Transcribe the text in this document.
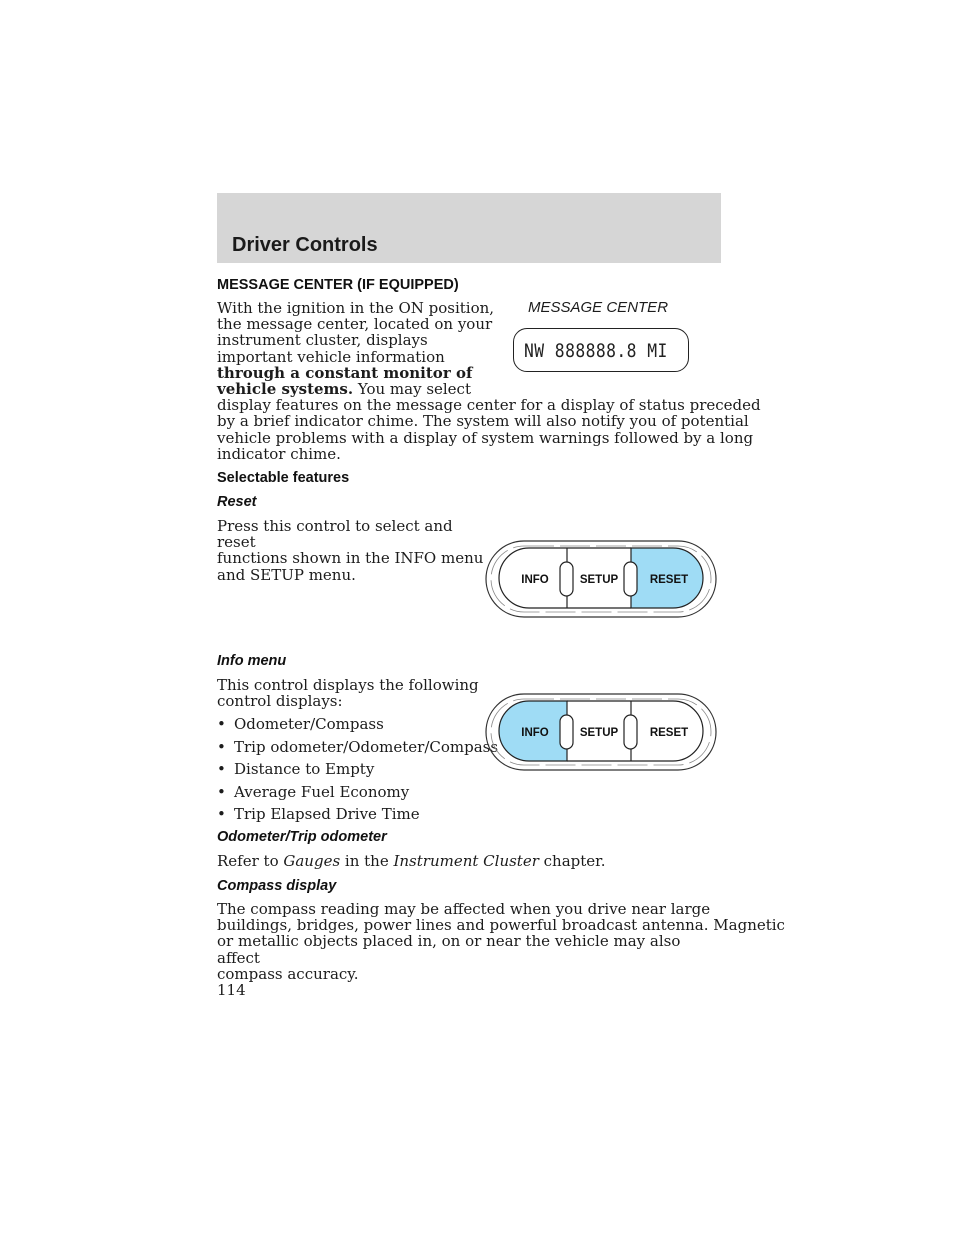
Driver Controls
MESSAGE CENTER (IF EQUIPPED)
With the ignition in the ON position,
the message center, located on your
instrument cluster, displays
important vehicle information
through a constant monitor of
vehicle systems. You may select
display features on the message center for a display of status preceded
by a brief indicator chime. The system will also notify you of potential
vehicle problems with a display of system warnings followed by a long
indicator chime.
MESSAGE CENTER
NW 888888.8 MI
Selectable features
Reset
Press this control to select and reset
functions shown in the INFO menu
and SETUP menu.	INFO	SETUP	RESET
Info menu
This control displays the following
control displays:
• Odometer/Compass
• Trip odometer/Odometer/Compass
• Distance to Empty
• Average Fuel Economy
• Trip Elapsed Drive Time
INFO	SETUP	RESET
Odometer/Trip odometer
Refer to Gauges in the Instrument Cluster chapter.
Compass display
The compass reading may be affected when you drive near large
buildings, bridges, power lines and powerful broadcast antenna. Magnetic
or metallic objects placed in, on or near the vehicle may also affect
compass accuracy.
114
